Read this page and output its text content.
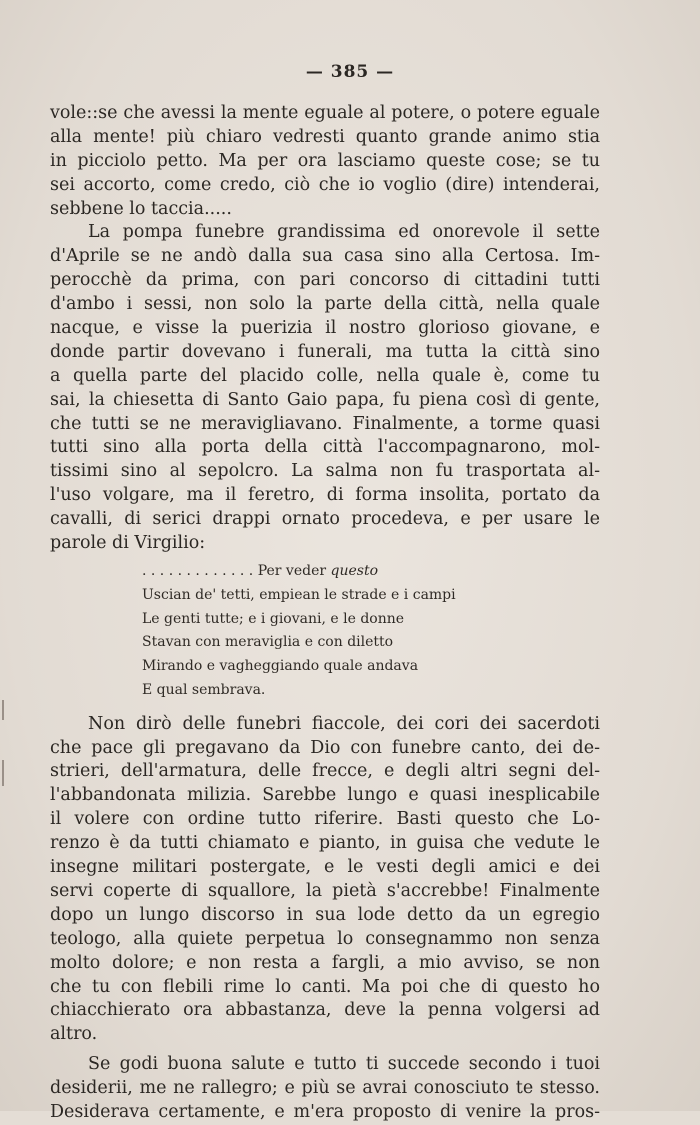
— 385 —
vole::se che avessi la mente eguale al potere, o potere eguale
alla mente! più chiaro vedresti quanto grande animo stia
in picciolo petto. Ma per ora lasciamo queste cose; se tu
sei accorto, come credo, ciò che io voglio (dire) intenderai,
sebbene lo taccia.....
La pompa funebre grandissima ed onorevole il sette
d'Aprile se ne andò dalla sua casa sino alla Certosa. Im-
perocchè da prima, con pari concorso di cittadini tutti
d'ambo i sessi, non solo la parte della città, nella quale
nacque, e visse la puerizia il nostro glorioso giovane, e
donde partir dovevano i funerali, ma tutta la città sino
a quella parte del placido colle, nella quale è, come tu
sai, la chiesetta di Santo Gaio papa, fu piena così di gente,
che tutti se ne meravigliavano. Finalmente, a torme quasi
tutti sino alla porta della città l'accompagnarono, mol-
tissimi sino al sepolcro. La salma non fu trasportata al-
l'uso volgare, ma il feretro, di forma insolita, portato da
cavalli, di serici drappi ornato procedeva, e per usare le
parole di Virgilio:
. . . . . . . . . . . . . Per veder questo
Uscian de' tetti, empiean le strade e i campi
Le genti tutte; e i giovani, e le donne
Stavan con meraviglia e con diletto
Mirando e vagheggiando quale andava
E qual sembrava.
Non dirò delle funebri fiaccole, dei cori dei sacerdoti
che pace gli pregavano da Dio con funebre canto, dei de-
strieri, dell'armatura, delle frecce, e degli altri segni del-
l'abbandonata milizia. Sarebbe lungo e quasi inesplicabile
il volere con ordine tutto riferire. Basti questo che Lo-
renzo è da tutti chiamato e pianto, in guisa che vedute le
insegne militari postergate, e le vesti degli amici e dei
servi coperte di squallore, la pietà s'accrebbe! Finalmente
dopo un lungo discorso in sua lode detto da un egregio
teologo, alla quiete perpetua lo consegnammo non senza
molto dolore; e non resta a fargli, a mio avviso, se non
che tu con flebili rime lo canti. Ma poi che di questo ho
chiacchierato ora abbastanza, deve la penna volgersi ad
altro.
Se godi buona salute e tutto ti succede secondo i tuoi
desiderii, me ne rallegro; e più se avrai conosciuto te stesso.
Desiderava certamente, e m'era proposto di venire la pros-
